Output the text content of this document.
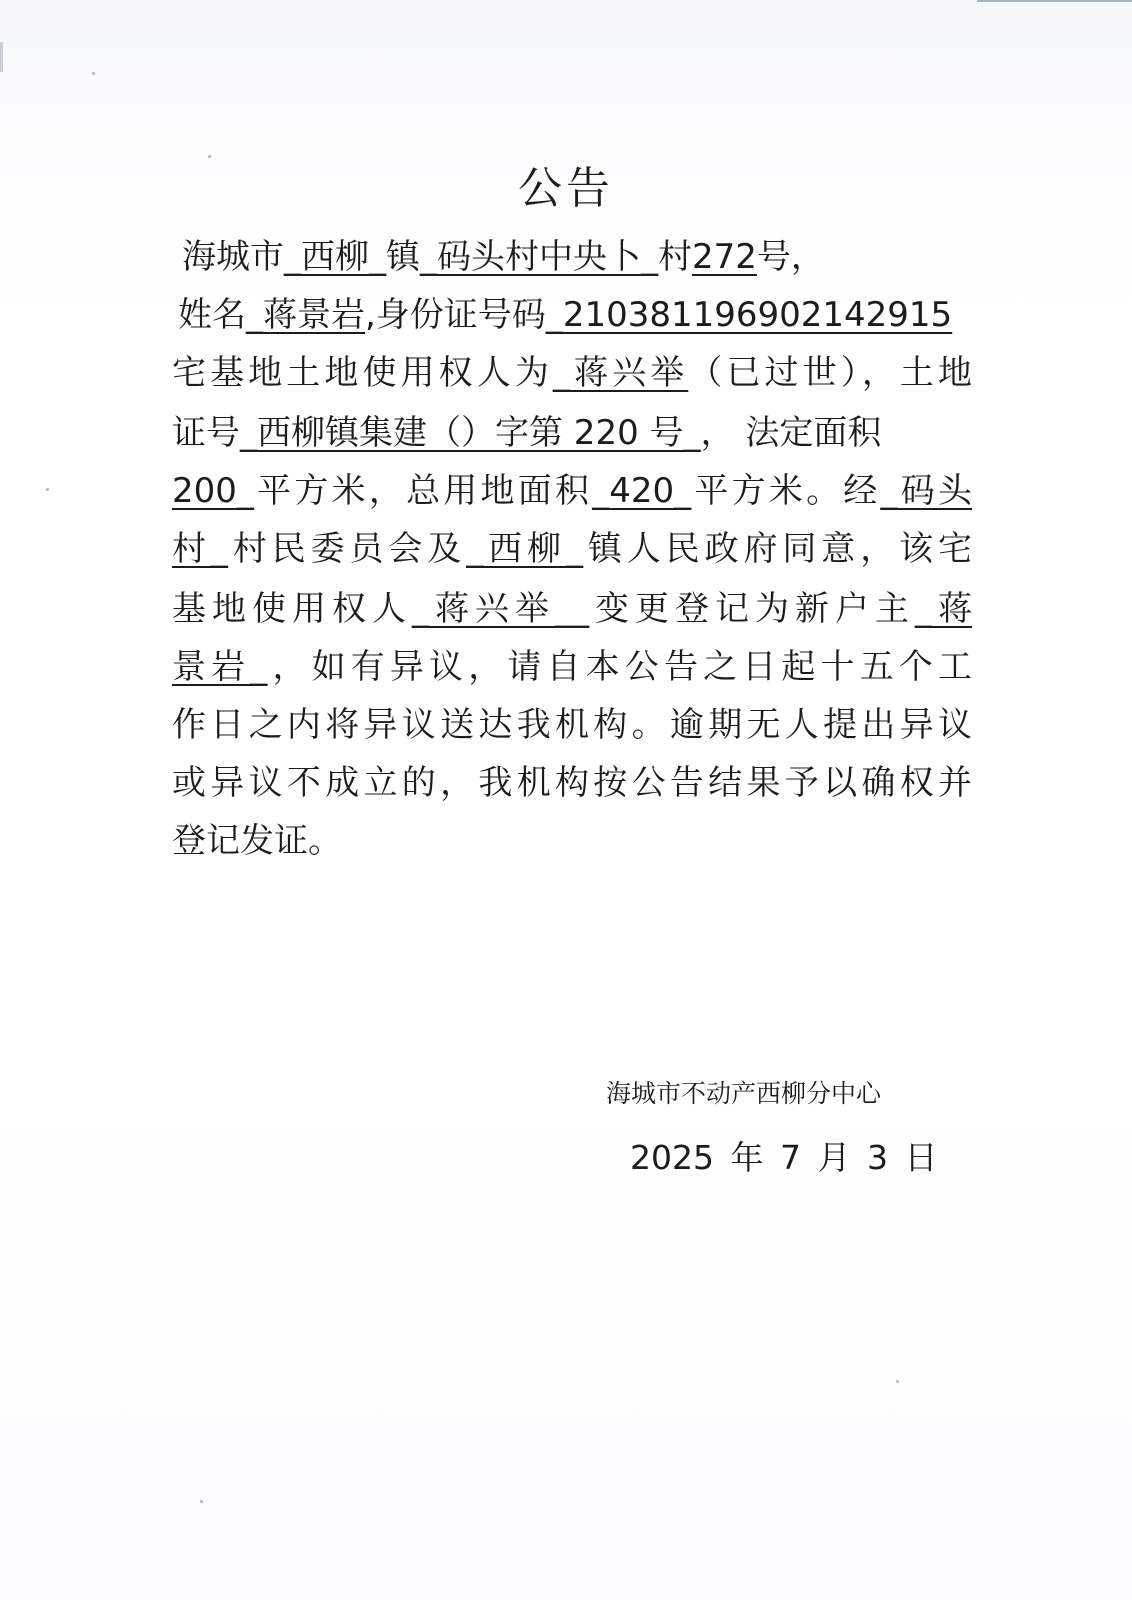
公告
海城市_西柳_镇_码头村中央卜_村272号，
姓名_蒋景岩,身份证号码_210381196902142915
宅基地土地使用权人为_蒋兴举（已过世），土地
证号_西柳镇集建（）字第 220 号_， 法定面积
200_平方米，总用地面积_420_平方米。经_码头
村_村民委员会及_西柳_镇人民政府同意，该宅
基地使用权人_蒋兴举__变更登记为新户主_蒋
景岩_，如有异议，请自本公告之日起十五个工
作日之内将异议送达我机构。逾期无人提出异议
或异议不成立的，我机构按公告结果予以确权并
登记发证。
海城市不动产西柳分中心
2025 年 7 月 3 日
